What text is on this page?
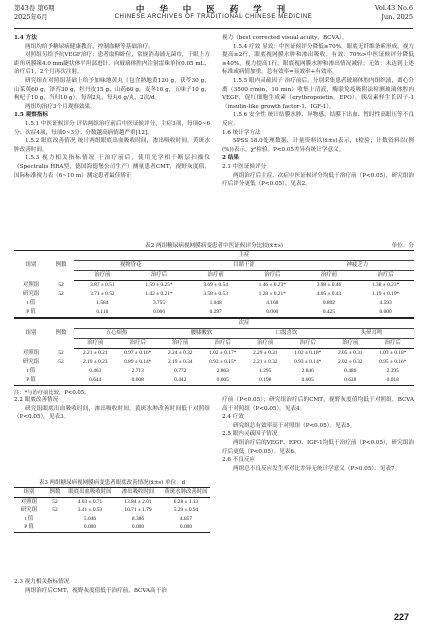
第43卷 第6期
2025年6月
中 华 中 医 药 学 刊
CHINESE ARCHIVES OF TRADITIONAL CHINESE MEDICINE
Vol.43 No.6
Jun. 2025

1.4 方法

两组均给予糖尿病健康教育，控制血糖等基础治疗。

对照组另给予抗VEGF治疗：患者取仰卧位，常规消毒铺无菌巾，于眼上方距角巩膜缘4.0 mm睫状体平坦部进针，向玻璃体腔内注射雷珠单抗0.05 mL，治疗后1，2个月再次注射。

研究组在对照组基础上给予加味地黄丸（包含熟地黄120 g，茯苓30 g，山茱萸60 g，泽泻30 g，牡丹皮15 g，山药60 g，麦冬10 g，五味子10 g，枸杞子10 g，当归10 g），每剂2丸，每丸6 g/丸，2次/d。

两组均治疗3个月观察效果。

1.5 观察指标

1.5.1 中医证候评分 评估两组治疗前后中医证候评分，主症3项，每项0~6分；次症4项，每项0~3分；分数越高病情越严重[12]。

1.5.2 眼底改善情况 统计两组眼底出血吸收时间，渗出吸收时间，黄斑水肿改善时间。

1.5.3 视力相关指标情况 于治疗前后，使用光学相干断层扫描仪（Spectralis HRA型，德国海德堡公司生产）测量患者CMT，视野灰度值，国际标准视力表（6~10 m）测定患者最佳矫正

视力（best corrected visual acuity，BCVA）。

1.5.4 疗效 显效：中医证候评分降低≥70%，眼底无纤维条索形成，视力提高≥2行，眼底视网膜水肿和渗出吸收；有效：70%>中医证候评分降低≥40%，视力提高1行，眼底视网膜水肿和渗出情况减轻；无效：未达到上述标准或病情加重。总有效率=显效率+有效率。

1.5.5 眼内灵疏因子 治疗前后，分别采集患者玻璃体腔内组织液，离心分离（3500 r/min，10 min）收集上清液，酶联免疫吸附法检测玻璃体腔内VEGF，促红细胞生成素（erythropoietin，EPO），胰岛素样生长因子-1（insulin-like growth factor-1，IGF-1）。

1.5.6 安全性 统计结膜水肿、异物感、结膜下出血、暂时性高眼压等不良反应。

1.6 统计学方法

SPSS 18.0处理数据，计量资料以(x̄±s)表示，t检验；计数资料以(例(%))表示，χ²检验。P<0.05差异有统计学意义。

2 结果

2.1 中医证候评分

两组治疗后主症、次症中医证候评分均低于治疗前（P<0.05），研究组治疗后评分更低（P<0.05）。见表2。

表2 两组糖尿病视网膜病变患者中医证候评分比较(x̄±s)	单位：分
组别	例数	主症					
		视物昏花		目睛干涩		神疲乏力	
		治疗前	治疗后	治疗前	治疗后	治疗前	治疗后
对照组	52	3.87 ± 0.51	1.59 ± 0.25*	3.69 ± 0.54	1.46 ± 0.23*	3.98 ± 0.46	1.38 ± 0.23*
研究组	52	3.71 ± 0.52	1.42 ± 0.21*	3.58 ± 0.53	1.28 ± 0.21*	4.05 ± 0.43	1.19 ± 0.19*
t 值		1.584	3.755	1.048	4.168	0.802	4.593
P 值		0.116	0.000	0.297	0.000	0.425	0.000
组别	例数	次症							
		五心烦热		腰膝酸软		口渴喜饮		头晕耳鸣	
		治疗前	治疗后	治疗前	治疗后	治疗前	治疗后	治疗前	治疗后
对照组	52	2.21 ± 0.21	0.97 ± 0.16*	2.24 ± 0.32	1.02 ± 0.17*	2.29 ± 0.31	1.02 ± 0.18*	2.05 ± 0.31	1.03 ± 0.18*
研究组	52	2.19 ± 0.23	0.89 ± 0.14*	2.19 ± 0.34	0.93 ± 0.15*	2.21 ± 0.32	0.93 ± 0.14*	2.02 ± 0.32	0.95 ± 0.16*
t 值		0.463	2.713	0.772	2.863	1.295	2.846	0.486	2.395
P 值		0.644	0.008	0.442	0.005	0.198	0.005	0.628	0.018
注：*与治疗前比较，P<0.05。

2.2 眼底改善情况

研究组眼底出血吸收时间，渗出吸收时间，黄斑水肿改善时间低于对照组（P<0.05）。见表3。

表3 两组糖尿病视网膜病变患者眼底改善情况(x̄±s) 单位：d
组别	例数	眼底出血吸收时间	渗出吸收时间	黄斑水肿改善时间
对照组	52	4.03 ± 0.71	13.84 ± 2.01	6.28 ± 1.13
研究组	52	3.41 ± 0.53	10.71 ± 1.79	5.29 ± 0.94
t 值		5.046	8.386	4.857
P 值		0.000	0.000	0.000

2.3 视力相关指标情况

两组治疗后CMT，视野灰度值低于治疗前，BCVA高于治

疗前（P<0.05）；研究组治疗后的CMT，视野灰度值均低于对照组，BCVA高于对照组（P<0.05）。见表4。

2.4 疗效

研究组总有效率高于对照组（P<0.05）。见表5。

2.5 眼内灵疏因子情况

两组治疗后的VEGF、EPO、IGF-1均低于治疗前（P<0.05），研究组治疗后更低（P<0.05）。见表6。

2.6 不良反应

两组总不良反应发生率对比差异无统计学意义（P>0.05）。见表7。

227
